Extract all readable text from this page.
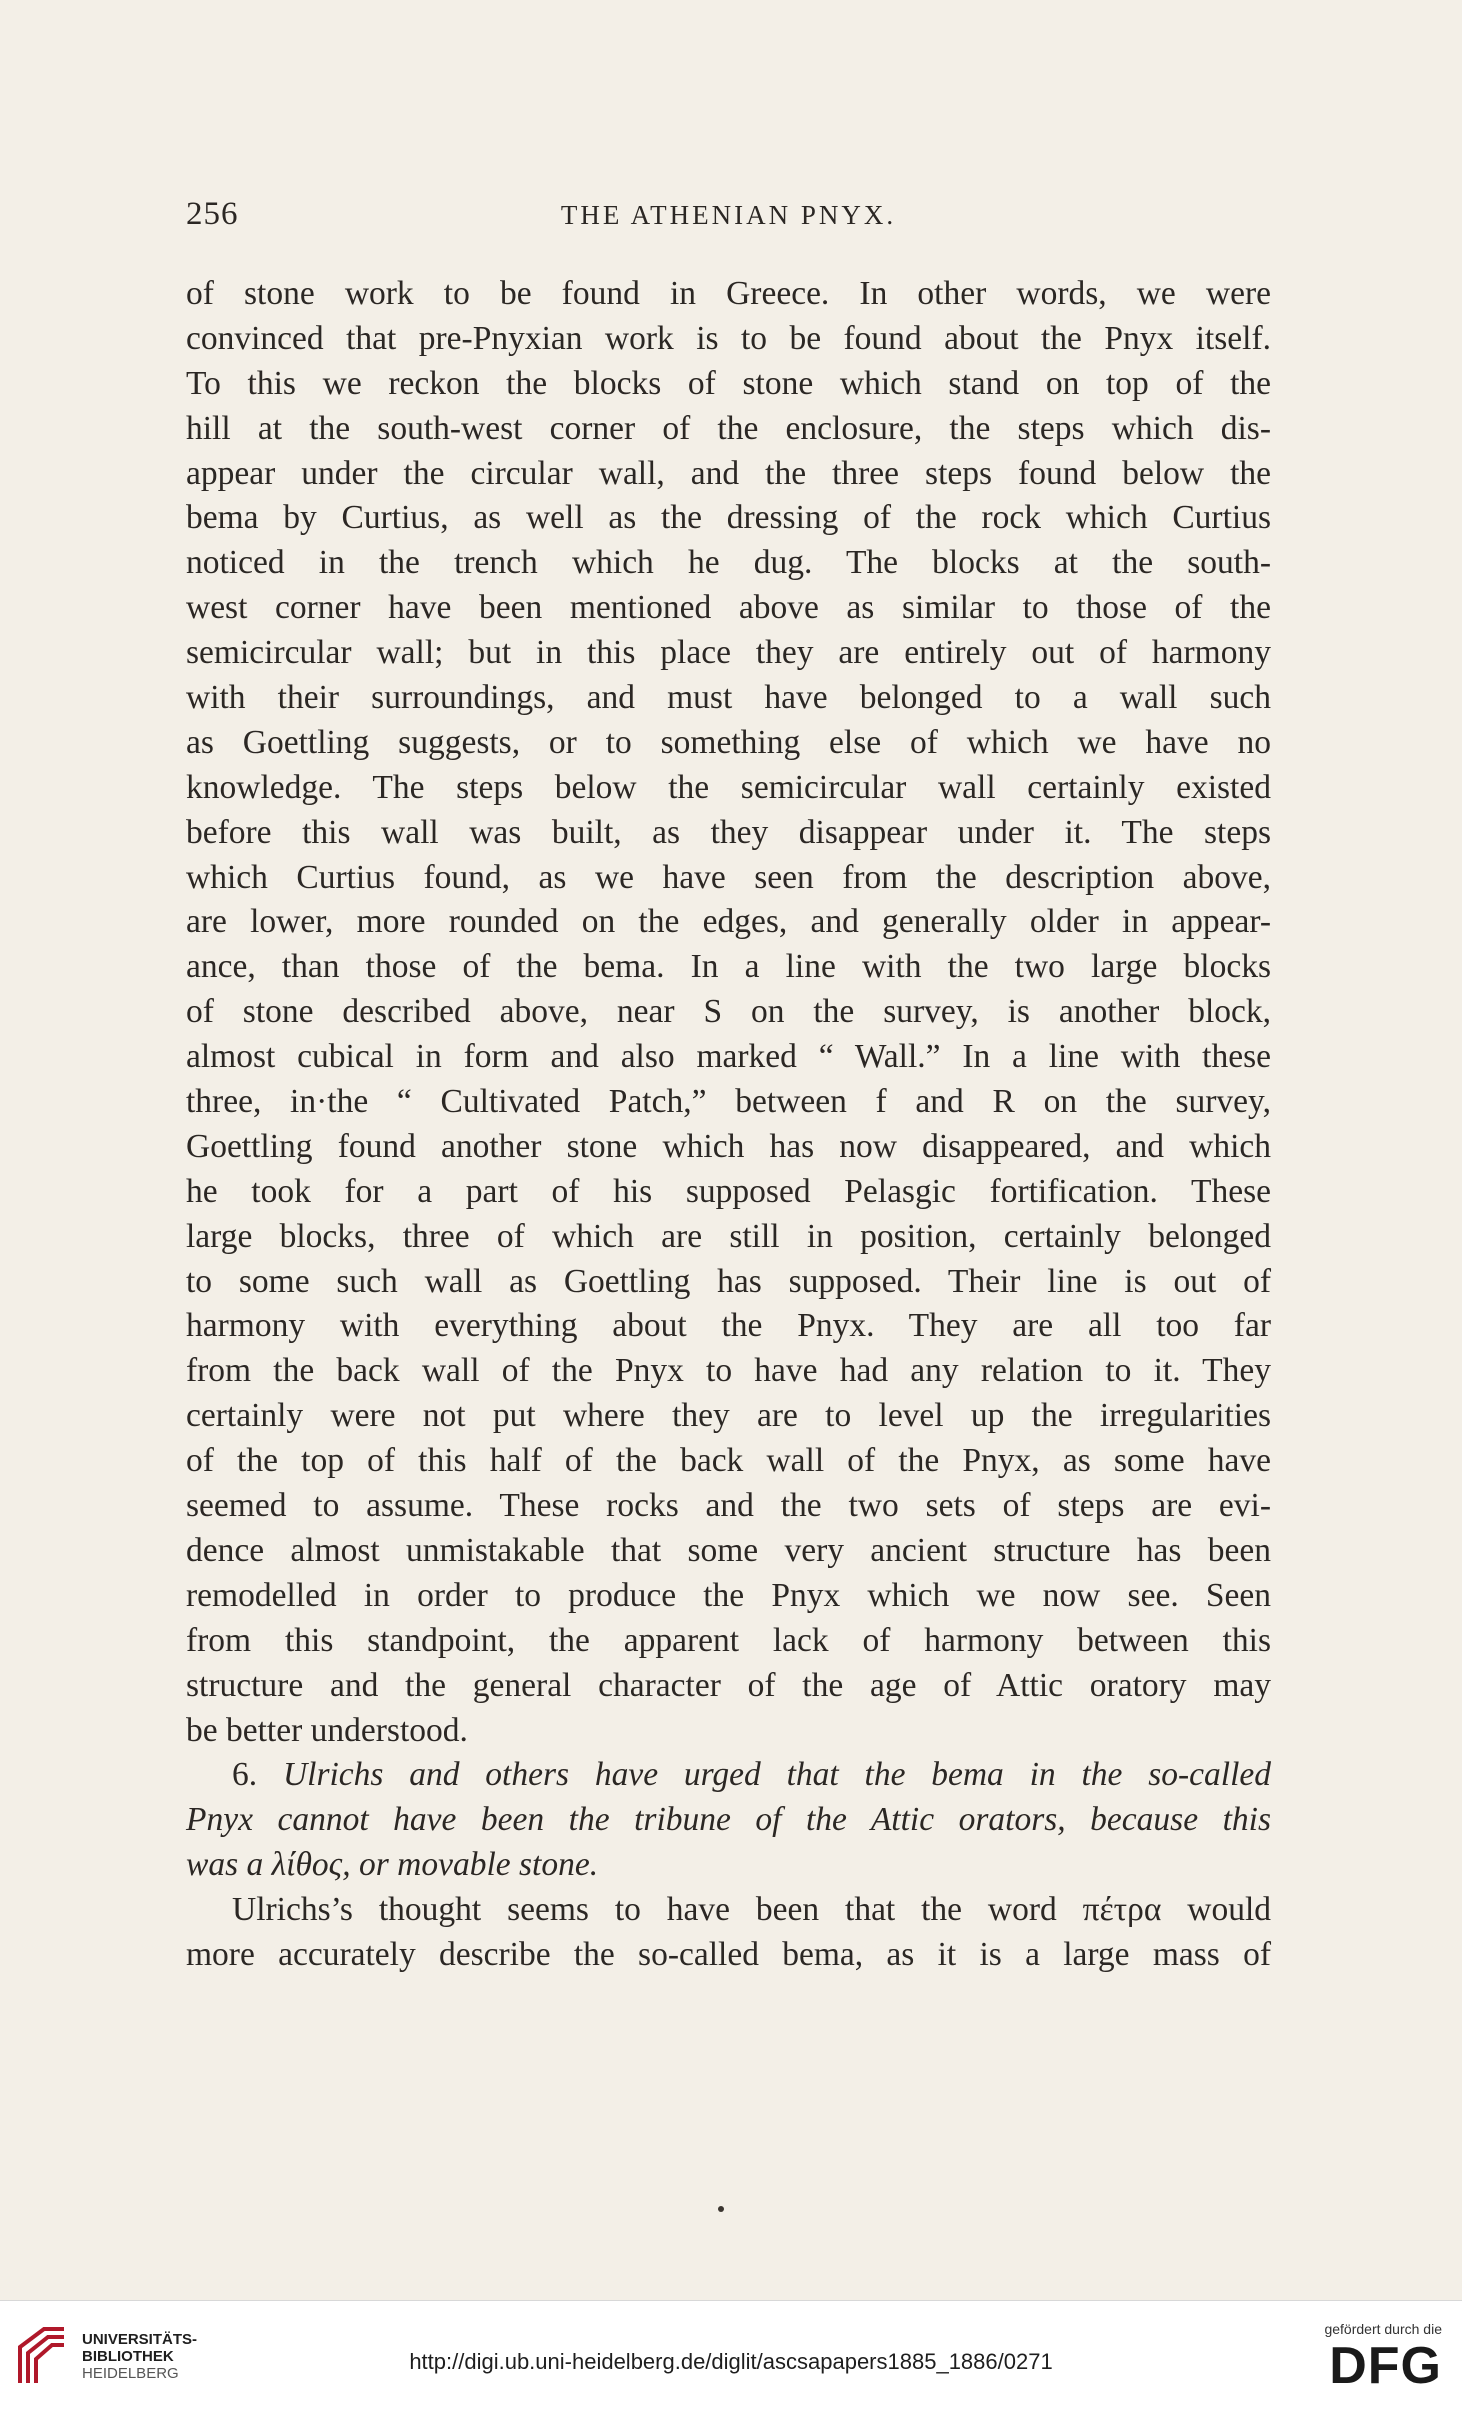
256	THE ATHENIAN PNYX.
of stone work to be found in Greece. In other words, we were
convinced that pre-Pnyxian work is to be found about the Pnyx itself.
To this we reckon the blocks of stone which stand on top of the
hill at the south-west corner of the enclosure, the steps which dis-
appear under the circular wall, and the three steps found below the
bema by Curtius, as well as the dressing of the rock which Curtius
noticed in the trench which he dug. The blocks at the south-
west corner have been mentioned above as similar to those of the
semicircular wall; but in this place they are entirely out of harmony
with their surroundings, and must have belonged to a wall such
as Goettling suggests, or to something else of which we have no
knowledge. The steps below the semicircular wall certainly existed
before this wall was built, as they disappear under it. The steps
which Curtius found, as we have seen from the description above,
are lower, more rounded on the edges, and generally older in appear-
ance, than those of the bema. In a line with the two large blocks
of stone described above, near S on the survey, is another block,
almost cubical in form and also marked “ Wall.” In a line with these
three, in·the “ Cultivated Patch,” between f and R on the survey,
Goettling found another stone which has now disappeared, and which
he took for a part of his supposed Pelasgic fortification. These
large blocks, three of which are still in position, certainly belonged
to some such wall as Goettling has supposed. Their line is out of
harmony with everything about the Pnyx. They are all too far
from the back wall of the Pnyx to have had any relation to it. They
certainly were not put where they are to level up the irregularities
of the top of this half of the back wall of the Pnyx, as some have
seemed to assume. These rocks and the two sets of steps are evi-
dence almost unmistakable that some very ancient structure has been
remodelled in order to produce the Pnyx which we now see. Seen
from this standpoint, the apparent lack of harmony between this
structure and the general character of the age of Attic oratory may
be better understood.
6. Ulrichs and others have urged that the bema in the so-called
Pnyx cannot have been the tribune of the Attic orators, because this
was a λίθος, or movable stone.
Ulrichs’s thought seems to have been that the word πέτρα would
more accurately describe the so-called bema, as it is a large mass of
UNIVERSITÄTS-
BIBLIOTHEK
HEIDELBERG	http://digi.ub.uni-heidelberg.de/diglit/ascsapapers1885_1886/0271
gefördert durch die
DFG
